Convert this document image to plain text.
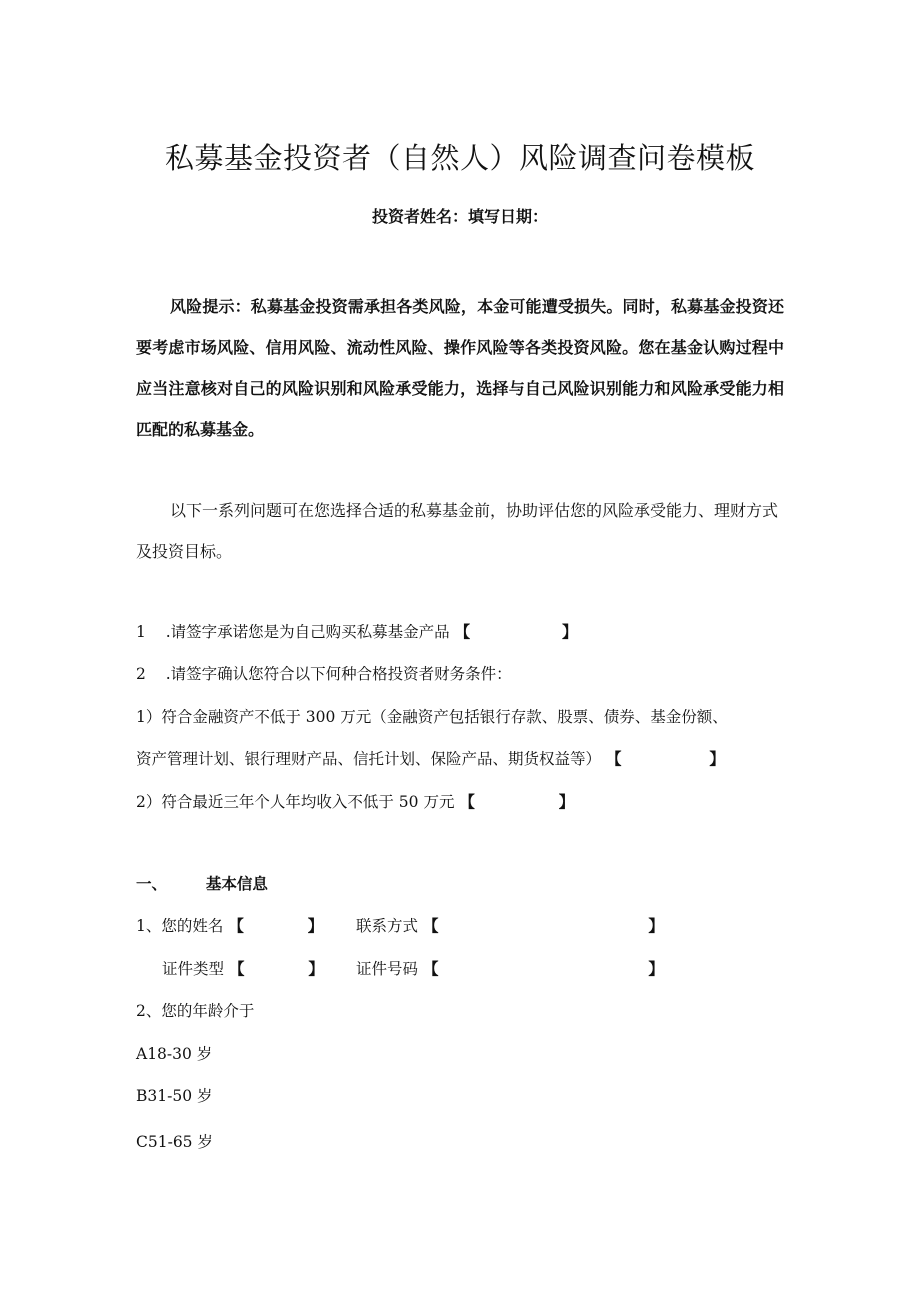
私募基金投资者（自然人）风险调查问卷模板
投资者姓名：填写日期：
风险提示：私募基金投资需承担各类风险，本金可能遭受损失。同时，私募基金投资还要考虑市场风险、信用风险、流动性风险、操作风险等各类投资风险。您在基金认购过程中应当注意核对自己的风险识别和风险承受能力，选择与自己风险识别能力和风险承受能力相匹配的私募基金。
以下一系列问题可在您选择合适的私募基金前，协助评估您的风险承受能力、理财方式及投资目标。
1 .请签字承诺您是为自己购买私募基金产品 【	】
2 .请签字确认您符合以下何种合格投资者财务条件：
1）符合金融资产不低于 300 万元（金融资产包括银行存款、股票、债券、基金份额、
资产管理计划、银行理财产品、信托计划、保险产品、期货权益等） 【	】
2）符合最近三年个人年均收入不低于 50 万元 【	】
一、	基本信息
1、您的姓名 【	】 联系方式 【	】
证件类型 【	】 证件号码 【	】
2、您的年龄介于
A18-30 岁
B31-50 岁
C51-65 岁
